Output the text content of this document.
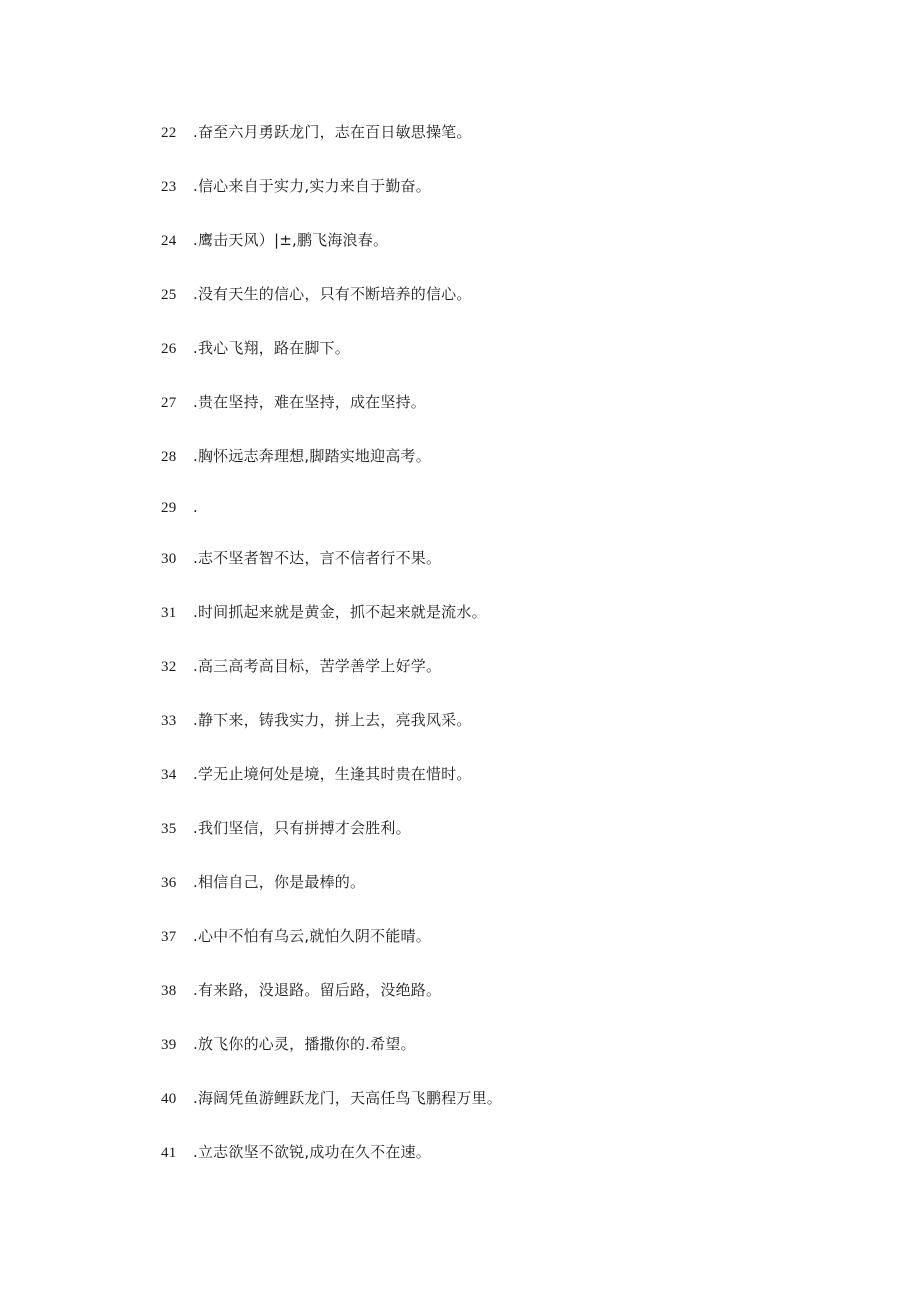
22	.奋至六月勇跃龙门，志在百日敏思操笔。
23	.信心来自于实力,实力来自于勤奋。
24	.鹰击天风）|±,鹏飞海浪春。
25	.没有天生的信心，只有不断培养的信心。
26	.我心飞翔，路在脚下。
27	.贵在坚持，难在坚持，成在坚持。
28	.胸怀远志奔理想,脚踏实地迎高考。
29	.
30	.志不坚者智不达，言不信者行不果。
31	.时间抓起来就是黄金，抓不起来就是流水。
32	.高三高考高目标，苦学善学上好学。
33	.静下来，铸我实力，拼上去，亮我风采。
34	.学无止境何处是境，生逢其时贵在惜时。
35	.我们坚信，只有拼搏才会胜利。
36	.相信自己，你是最棒的。
37	.心中不怕有乌云,就怕久阴不能晴。
38	.有来路，没退路。留后路，没绝路。
39	.放飞你的心灵，播撒你的.希望。
40	.海阔凭鱼游鲤跃龙门，天高任鸟飞鹏程万里。
41	.立志欲坚不欲锐,成功在久不在速。
